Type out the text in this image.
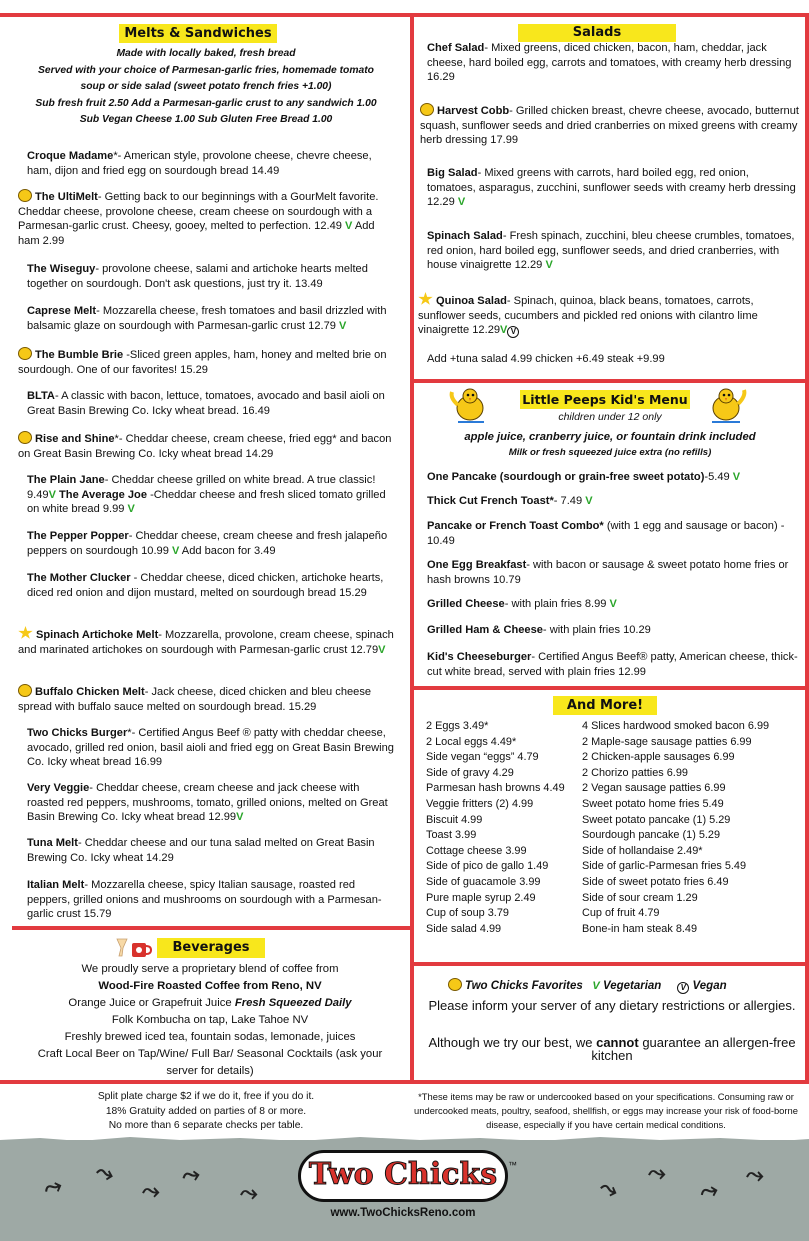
Melts & Sandwiches
Made with locally baked, fresh bread
Served with your choice of Parmesan-garlic fries, homemade tomato
soup or side salad (sweet potato french fries +1.00)
Sub fresh fruit 2.50 Add a Parmesan-garlic crust to any sandwich 1.00
Sub Vegan Cheese 1.00 Sub Gluten Free Bread 1.00
Croque Madame*- American style, provolone cheese, chevre cheese, ham, dijon and fried egg on sourdough bread 14.49
The UltiMelt- Getting back to our beginnings with a GourMelt favorite. Cheddar cheese, provolone cheese, cream cheese on sourdough with a Parmesan-garlic crust. Cheesy, gooey, melted to perfection. 12.49 V Add ham 2.99
The Wiseguy- provolone cheese, salami and artichoke hearts melted together on sourdough. Don't ask questions, just try it. 13.49
Caprese Melt- Mozzarella cheese, fresh tomatoes and basil drizzled with balsamic glaze on sourdough with Parmesan-garlic crust 12.79 V
The Bumble Brie -Sliced green apples, ham, honey and melted brie on sourdough. One of our favorites! 15.29
BLTA- A classic with bacon, lettuce, tomatoes, avocado and basil aioli on Great Basin Brewing Co. Icky wheat bread. 16.49
Rise and Shine*- Cheddar cheese, cream cheese, fried egg* and bacon on Great Basin Brewing Co. Icky wheat bread 14.29
The Plain Jane- Cheddar cheese grilled on white bread. A true classic! 9.49V The Average Joe -Cheddar cheese and fresh sliced tomato grilled on white bread 9.99 V
The Pepper Popper- Cheddar cheese, cream cheese and fresh jalapeño peppers on sourdough 10.99 V Add bacon for 3.49
The Mother Clucker - Cheddar cheese, diced chicken, artichoke hearts, diced red onion and dijon mustard, melted on sourdough bread 15.29
Spinach Artichoke Melt- Mozzarella, provolone, cream cheese, spinach and marinated artichokes on sourdough with Parmesan-garlic crust 12.79V
Buffalo Chicken Melt- Jack cheese, diced chicken and bleu cheese spread with buffalo sauce melted on sourdough bread. 15.29
Two Chicks Burger*- Certified Angus Beef ® patty with cheddar cheese, avocado, grilled red onion, basil aioli and fried egg on Great Basin Brewing Co. Icky wheat bread 16.99
Very Veggie- Cheddar cheese, cream cheese and jack cheese with roasted red peppers, mushrooms, tomato, grilled onions, melted on Great Basin Brewing Co. Icky wheat bread 12.99V
Tuna Melt- Cheddar cheese and our tuna salad melted on Great Basin Brewing Co. Icky wheat 14.29
Italian Melt- Mozzarella cheese, spicy Italian sausage, roasted red peppers, grilled onions and mushrooms on sourdough with a Parmesan-garlic crust 15.79
Beverages
We proudly serve a proprietary blend of coffee from
Wood-Fire Roasted Coffee from Reno, NV
Orange Juice or Grapefruit Juice Fresh Squeezed Daily
Folk Kombucha on tap, Lake Tahoe NV
Freshly brewed iced tea, fountain sodas, lemonade, juices
Craft Local Beer on Tap/Wine/ Full Bar/ Seasonal Cocktails (ask your
server for details)
Salads
Chef Salad- Mixed greens, diced chicken, bacon, ham, cheddar, jack cheese, hard boiled egg, carrots and tomatoes, with creamy herb dressing 16.29
Harvest Cobb- Grilled chicken breast, chevre cheese, avocado, butternut squash, sunflower seeds and dried cranberries on mixed greens with creamy herb dressing 17.99
Big Salad- Mixed greens with carrots, hard boiled egg, red onion, tomatoes, asparagus, zucchini, sunflower seeds with creamy herb dressing 12.29 V
Spinach Salad- Fresh spinach, zucchini, bleu cheese crumbles, tomatoes, red onion, hard boiled egg, sunflower seeds, and dried cranberries, with house vinaigrette 12.29 V
Quinoa Salad- Spinach, quinoa, black beans, tomatoes, carrots, sunflower seeds, cucumbers and pickled red onions with cilantro lime vinaigrette 12.29V V
Add +tuna salad 4.99 chicken +6.49 steak +9.99
Little Peeps Kid's Menu
children under 12 only
apple juice, cranberry juice, or fountain drink included
Milk or fresh squeezed juice extra (no refills)
One Pancake (sourdough or grain-free sweet potato)-5.49 V
Thick Cut French Toast*- 7.49 V
Pancake or French Toast Combo* (with 1 egg and sausage or bacon) - 10.49
One Egg Breakfast- with bacon or sausage & sweet potato home fries or hash browns 10.79
Grilled Cheese- with plain fries 8.99 V
Grilled Ham & Cheese- with plain fries 10.29
Kid's Cheeseburger- Certified Angus Beef® patty, American cheese, thick-cut white bread, served with plain fries 12.99
And More!
2 Eggs 3.49*
2 Local eggs 4.49*
Side vegan “eggs” 4.79
Side of gravy 4.29
Parmesan hash browns 4.49
Veggie fritters (2) 4.99
Biscuit 4.99
Toast 3.99
Cottage cheese 3.99
Side of pico de gallo 1.49
Side of guacamole 3.99
Pure maple syrup 2.49
Cup of soup 3.79
Side salad 4.99
4 Slices hardwood smoked bacon 6.99
2 Maple-sage sausage patties 6.99
2 Chicken-apple sausages 6.99
2 Chorizo patties 6.99
2 Vegan sausage patties 6.99
Sweet potato home fries 5.49
Sweet potato pancake (1) 5.29
Sourdough pancake (1) 5.29
Side of hollandaise 2.49*
Side of garlic-Parmesan fries 5.49
Side of sweet potato fries 6.49
Side of sour cream 1.29
Cup of fruit 4.79
Bone-in ham steak 8.49
Two Chicks Favorites V Vegetarian V Vegan
Please inform your server of any dietary restrictions or allergies.
Although we try our best, we cannot guarantee an allergen-free kitchen
Split plate charge $2 if we do it, free if you do it.
18% Gratuity added on parties of 8 or more.
No more than 6 separate checks per table.
*These items may be raw or undercooked based on your specifications. Consuming raw or undercooked meats, poultry, seafood, shellfish, or eggs may increase your risk of food-borne disease, especially if you have certain medical conditions.
⤳ ⤳
⤳
⤳
⤳	⤳
⤳
⤳
⤳
Two Chicks	™
www.TwoChicksReno.com
